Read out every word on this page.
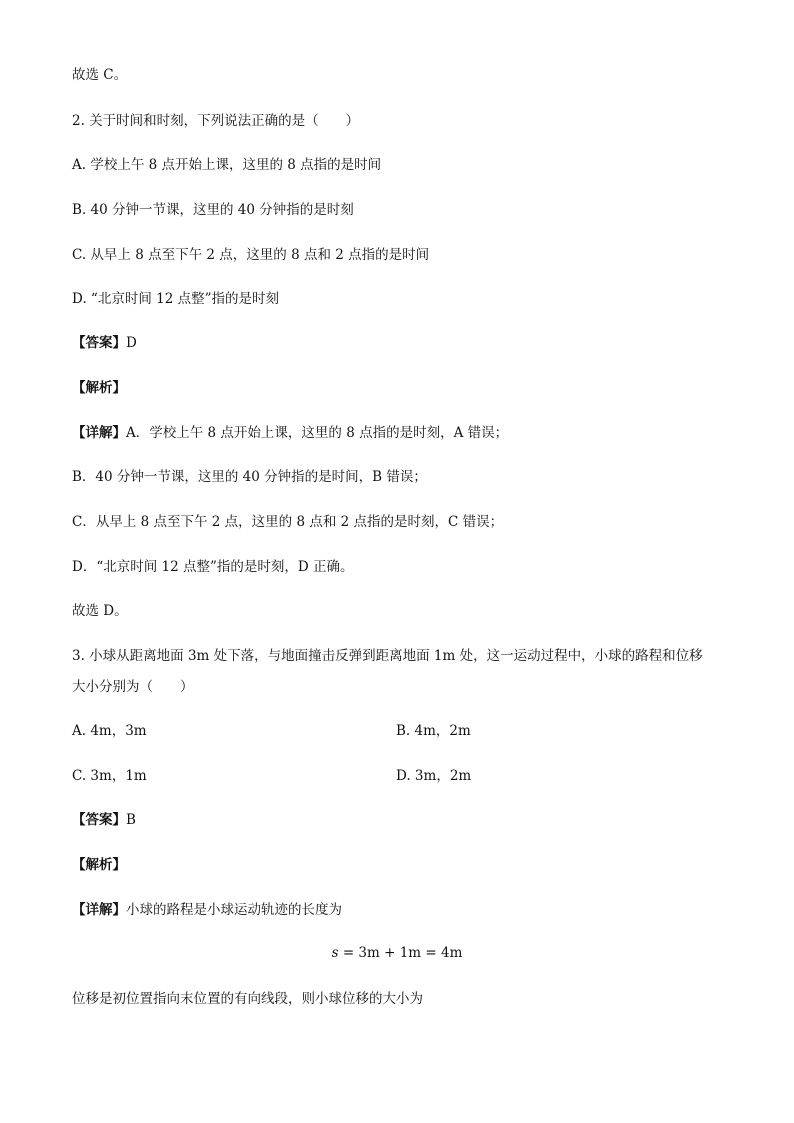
故选 C。
2. 关于时间和时刻，下列说法正确的是（　　）
A. 学校上午 8 点开始上课，这里的 8 点指的是时间
B. 40 分钟一节课，这里的 40 分钟指的是时刻
C. 从早上 8 点至下午 2 点，这里的 8 点和 2 点指的是时间
D. “北京时间 12 点整”指的是时刻
【答案】D
【解析】
【详解】A．学校上午 8 点开始上课，这里的 8 点指的是时刻，A 错误；
B．40 分钟一节课，这里的 40 分钟指的是时间，B 错误；
C．从早上 8 点至下午 2 点，这里的 8 点和 2 点指的是时刻，C 错误；
D．“北京时间 12 点整”指的是时刻，D 正确。
故选 D。
3. 小球从距离地面 3m 处下落，与地面撞击反弹到距离地面 1m 处，这一运动过程中，小球的路程和位移
大小分别为（　　）
A. 4m，3m	B. 4m，2m
C. 3m，1m	D. 3m，2m
【答案】B
【解析】
【详解】小球的路程是小球运动轨迹的长度为
s = 3m + 1m = 4m
位移是初位置指向末位置的有向线段，则小球位移的大小为
